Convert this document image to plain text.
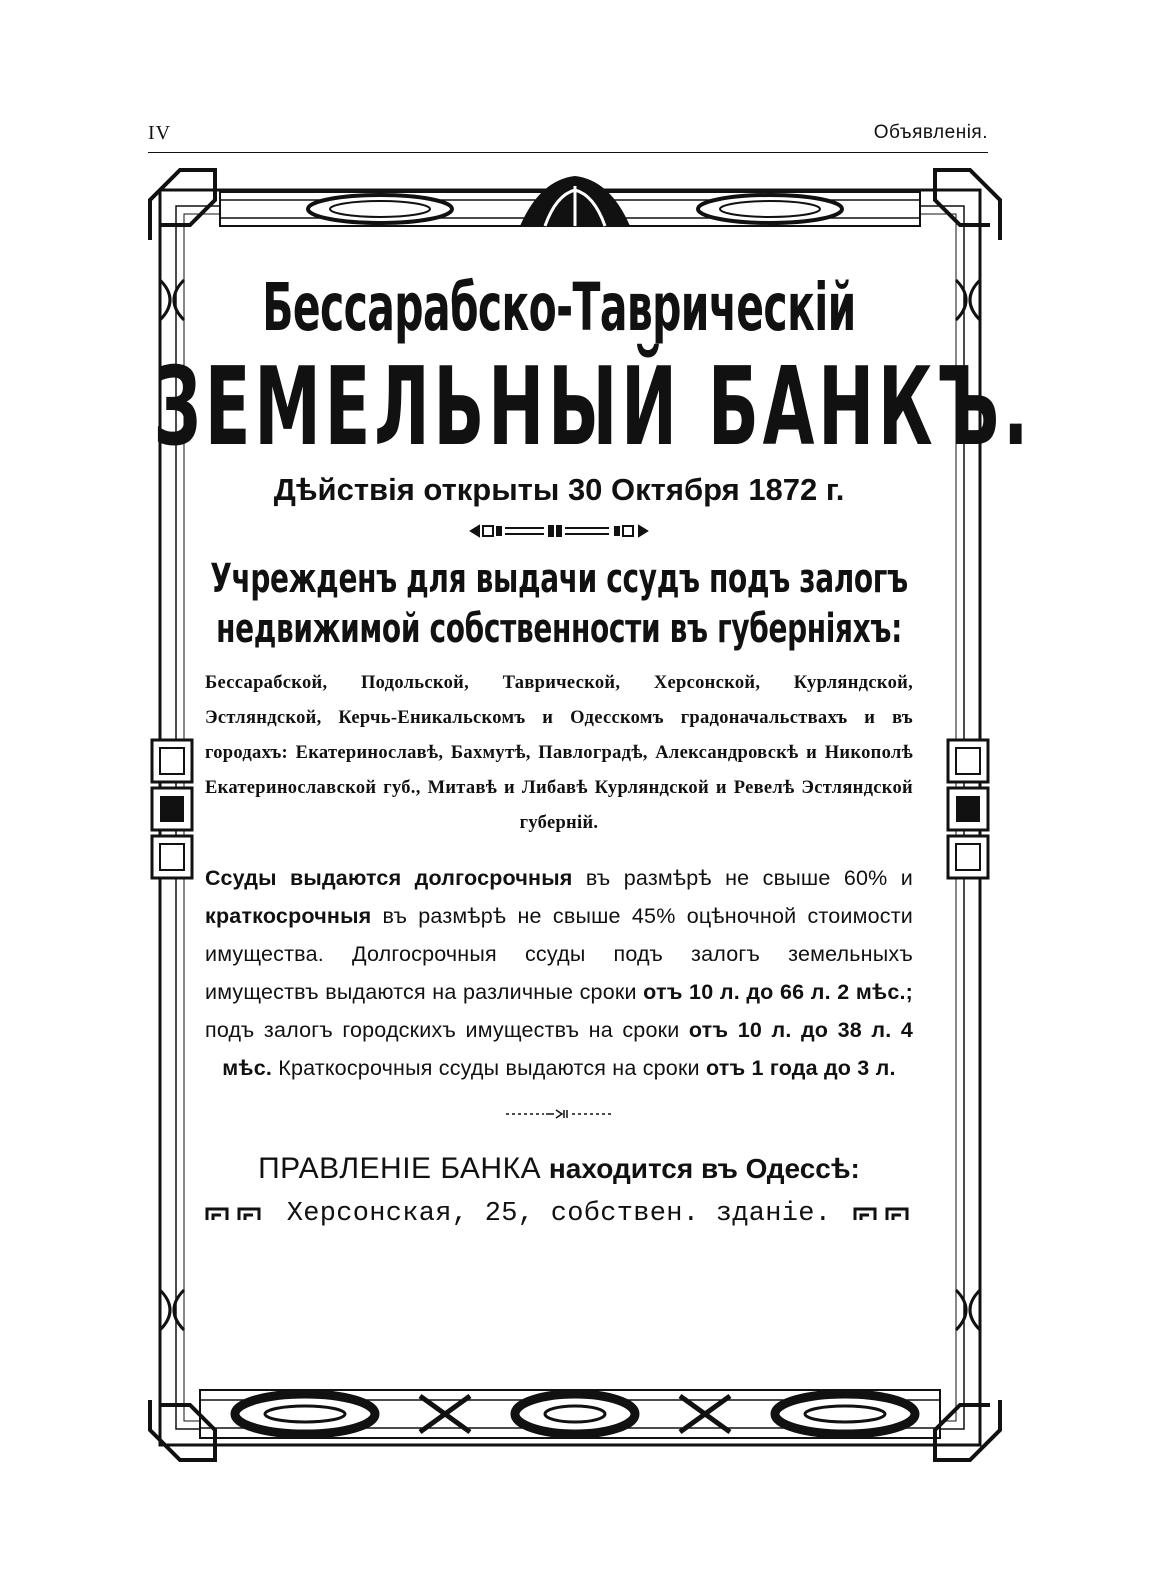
IV	Объявленія.
Бессарабско-Таврическій
ЗЕМЕЛЬНЫЙ БАНКЪ.
Дѣйствія открыты 30 Октября 1872 г.
Учрежденъ для выдачи ссудъ подъ залогъ
недвижимой собственности въ губерніяхъ:
Бессарабской, Подольской, Таврической, Херсонской, Курляндской, Эстляндской, Керчь-Еникальскомъ и Одесскомъ градоначальствахъ и въ городахъ: Екатеринославѣ, Бахмутѣ, Павлоградѣ, Александровскѣ и Никополѣ Екатеринославской губ., Митавѣ и Либавѣ Курляндской и Ревелѣ Эстляндской губерній.
Ссуды выдаются долгосрочныя въ размѣрѣ не свыше 60% и краткосрочныя въ размѣрѣ не свыше 45% оцѣночной стоимости имущества. Долгосрочныя ссуды подъ залогъ земельныхъ имуществъ выдаются на различные сроки отъ 10 л. до 66 л. 2 мѣс.; подъ залогъ городскихъ имуществъ на сроки отъ 10 л. до 38 л. 4 мѣс. Краткосрочныя ссуды выдаются на сроки отъ 1 года до 3 л.
ПРАВЛЕНІЕ БАНКА находится въ Одессѣ:
Херсонская, 25, собствен. зданіе.
